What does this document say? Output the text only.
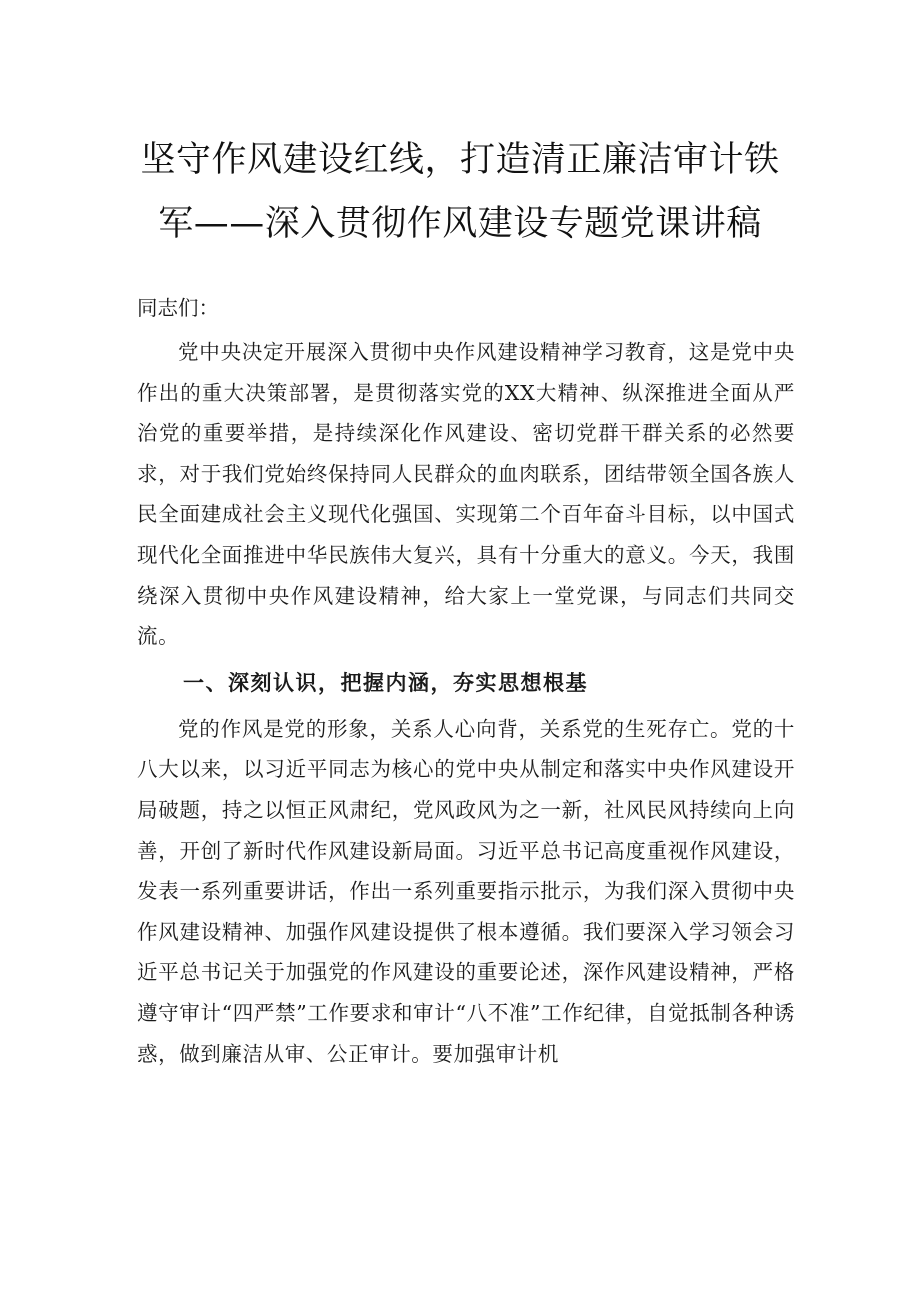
坚守作风建设红线，打造清正廉洁审计铁
军——深入贯彻作风建设专题党课讲稿

同志们：

党中央决定开展深入贯彻中央作风建设精神学习教育，这是党中央作出的重大决策部署，是贯彻落实党的XX大精神、纵深推进全面从严治党的重要举措，是持续深化作风建设、密切党群干群关系的必然要求，对于我们党始终保持同人民群众的血肉联系，团结带领全国各族人民全面建成社会主义现代化强国、实现第二个百年奋斗目标，以中国式现代化全面推进中华民族伟大复兴，具有十分重大的意义。今天，我围绕深入贯彻中央作风建设精神，给大家上一堂党课，与同志们共同交流。

一、深刻认识，把握内涵，夯实思想根基

党的作风是党的形象，关系人心向背，关系党的生死存亡。党的十八大以来，以习近平同志为核心的党中央从制定和落实中央作风建设开局破题，持之以恒正风肃纪，党风政风为之一新，社风民风持续向上向善，开创了新时代作风建设新局面。习近平总书记高度重视作风建设，发表一系列重要讲话，作出一系列重要指示批示，为我们深入贯彻中央作风建设精神、加强作风建设提供了根本遵循。我们要深入学习领会习近平总书记关于加强党的作风建设的重要论述，深作风建设精神，严格遵守审计“四严禁”工作要求和审计“八不准”工作纪律，自觉抵制各种诱惑，做到廉洁从审、公正审计。要加强审计机
